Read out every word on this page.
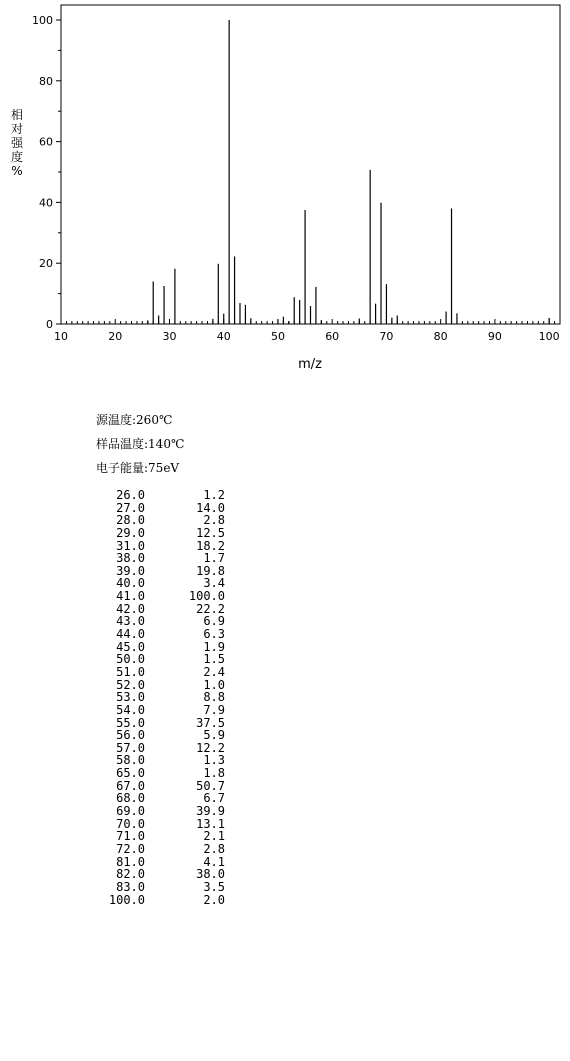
0
20
40
60
80
100
10	20	30	40	50	60	70	80	90	100
m/z
相
对
强
度
%
源温度:260℃
样品温度:140℃
电子能量:75eV
26.0	1.2
27.0	14.0
28.0	2.8
29.0	12.5
31.0	18.2
38.0	1.7
39.0	19.8
40.0	3.4
41.0	100.0
42.0	22.2
43.0	6.9
44.0	6.3
45.0	1.9
50.0	1.5
51.0	2.4
52.0	1.0
53.0	8.8
54.0	7.9
55.0	37.5
56.0	5.9
57.0	12.2
58.0	1.3
65.0	1.8
67.0	50.7
68.0	6.7
69.0	39.9
70.0	13.1
71.0	2.1
72.0	2.8
81.0	4.1
82.0	38.0
83.0	3.5
100.0	2.0
